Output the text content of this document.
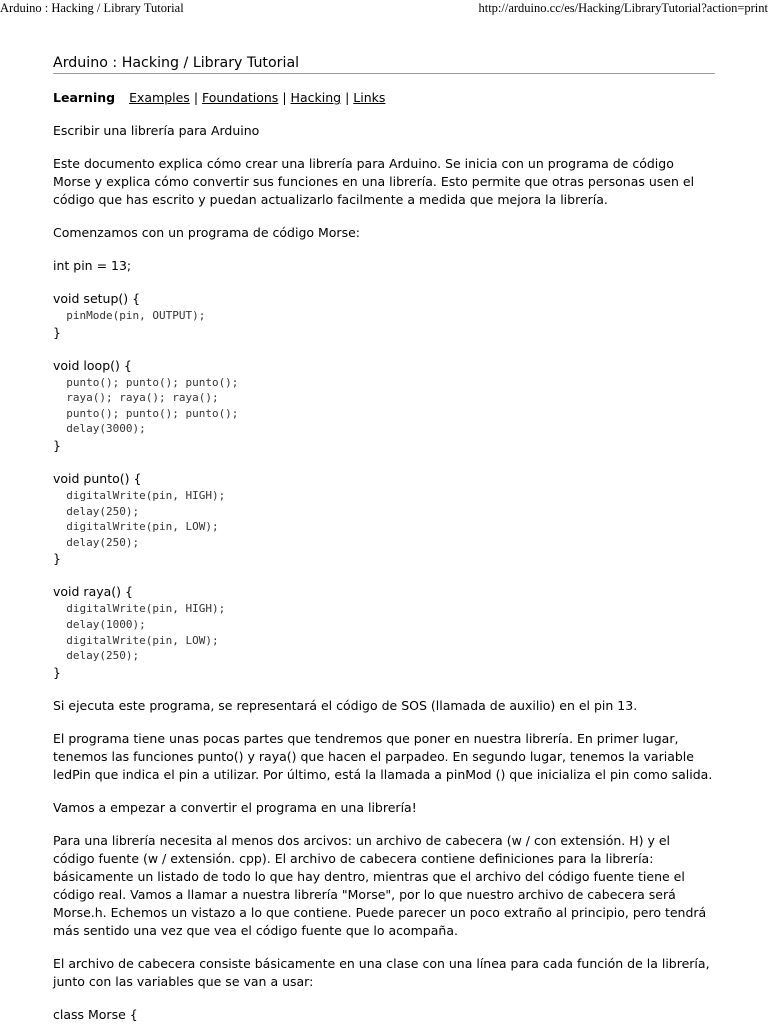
Arduino : Hacking / Library Tutorial	http://arduino.cc/es/Hacking/LibraryTutorial?action=print
Arduino : Hacking / Library Tutorial
Learning Examples | Foundations | Hacking | Links

Escribir una librería para Arduino

Este documento explica cómo crear una librería para Arduino. Se inicia con un programa de código Morse y explica cómo convertir sus funciones en una librería. Esto permite que otras personas usen el código que has escrito y puedan actualizarlo facilmente a medida que mejora la librería.

Comenzamos con un programa de código Morse:

int pin = 13;

void setup() {

pinMode(pin, OUTPUT);

}

void loop() {

punto(); punto(); punto();
raya(); raya(); raya();
punto(); punto(); punto();
delay(3000);

}

void punto() {

digitalWrite(pin, HIGH);
delay(250);
digitalWrite(pin, LOW);
delay(250);

}

void raya() {

digitalWrite(pin, HIGH);
delay(1000);
digitalWrite(pin, LOW);
delay(250);

}

Si ejecuta este programa, se representará el código de SOS (llamada de auxilio) en el pin 13.

El programa tiene unas pocas partes que tendremos que poner en nuestra librería. En primer lugar, tenemos las funciones punto() y raya() que hacen el parpadeo. En segundo lugar, tenemos la variable ledPin que indica el pin a utilizar. Por último, está la llamada a pinMod () que inicializa el pin como salida.

Vamos a empezar a convertir el programa en una librería!

Para una librería necesita al menos dos arcivos: un archivo de cabecera (w / con extensión. H) y el código fuente (w / extensión. cpp). El archivo de cabecera contiene definiciones para la librería: básicamente un listado de todo lo que hay dentro, mientras que el archivo del código fuente tiene el código real. Vamos a llamar a nuestra librería "Morse", por lo que nuestro archivo de cabecera será Morse.h. Echemos un vistazo a lo que contiene. Puede parecer un poco extraño al principio, pero tendrá más sentido una vez que vea el código fuente que lo acompaña.

El archivo de cabecera consiste básicamente en una clase con una línea para cada función de la librería, junto con las variables que se van a usar:

class Morse {
